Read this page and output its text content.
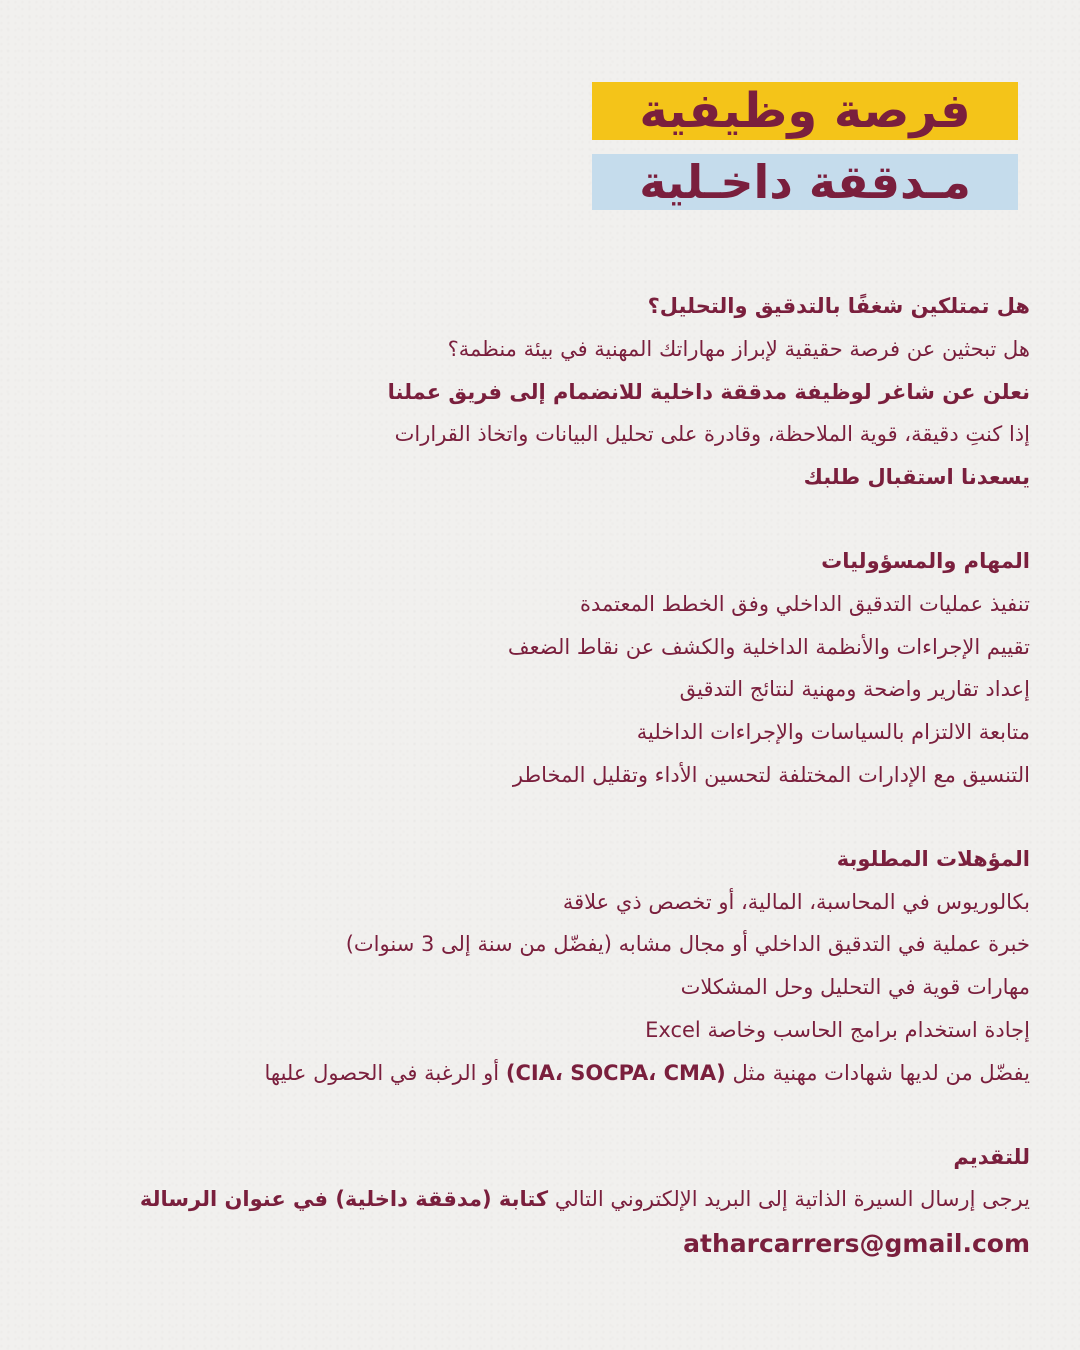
فرصة وظيفية
مـدققة داخـلية
هل تمتلكين شغفًا بالتدقيق والتحليل؟
هل تبحثين عن فرصة حقيقية لإبراز مهاراتك المهنية في بيئة منظمة؟
نعلن عن شاغر لوظيفة مدققة داخلية للانضمام إلى فريق عملنا
إذا كنتِ دقيقة، قوية الملاحظة، وقادرة على تحليل البيانات واتخاذ القرارات
يسعدنا استقبال طلبك
المهام والمسؤوليات
تنفيذ عمليات التدقيق الداخلي وفق الخطط المعتمدة
تقييم الإجراءات والأنظمة الداخلية والكشف عن نقاط الضعف
إعداد تقارير واضحة ومهنية لنتائج التدقيق
متابعة الالتزام بالسياسات والإجراءات الداخلية
التنسيق مع الإدارات المختلفة لتحسين الأداء وتقليل المخاطر
المؤهلات المطلوبة
بكالوريوس في المحاسبة، المالية، أو تخصص ذي علاقة
خبرة عملية في التدقيق الداخلي أو مجال مشابه (يفضّل من سنة إلى 3 سنوات)
مهارات قوية في التحليل وحل المشكلات
إجادة استخدام برامج الحاسب وخاصة Excel
يفضّل من لديها شهادات مهنية مثل (CIA، SOCPA، CMA) أو الرغبة في الحصول عليها
للتقديم
يرجى إرسال السيرة الذاتية إلى البريد الإلكتروني التالي كتابة (مدققة داخلية) في عنوان الرسالة
atharcarrers@gmail.com
